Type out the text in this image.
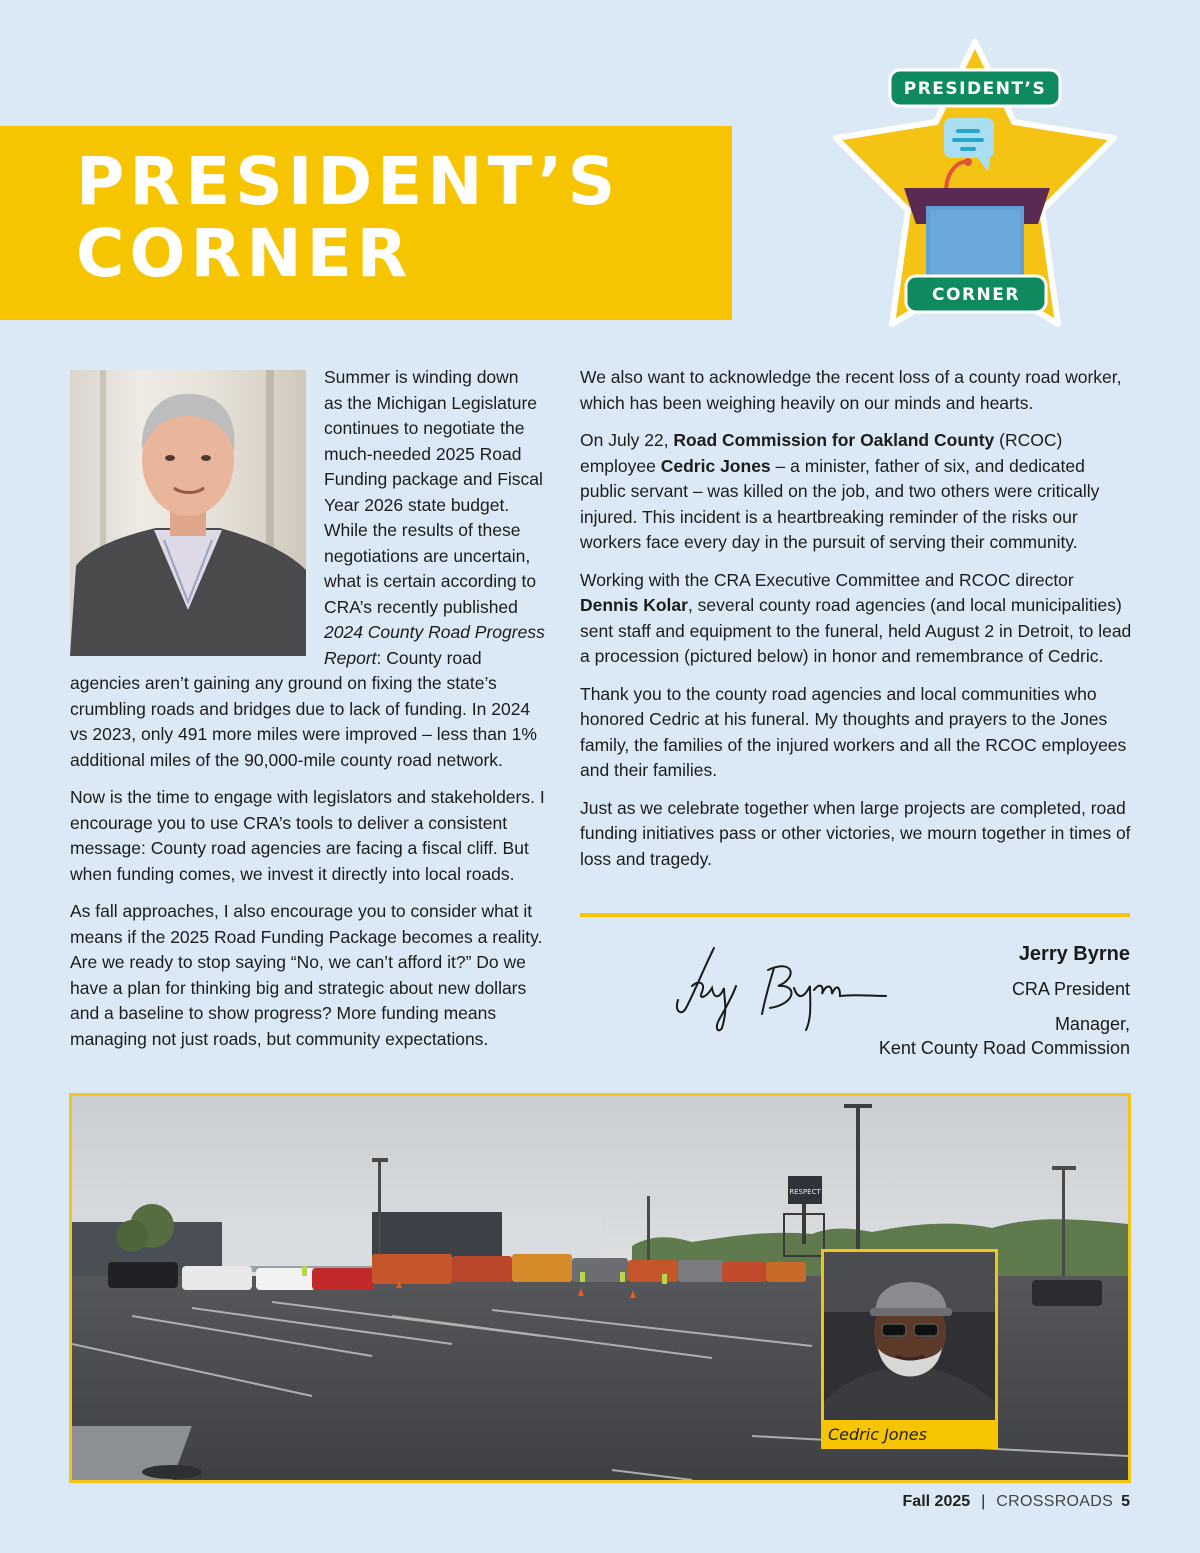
PRESIDENT’S
CORNER
PRESIDENT’S
CORNER
Summer is winding down
as the Michigan Legislature
continues to negotiate the
much-needed 2025 Road
Funding package and Fiscal
Year 2026 state budget.
While the results of these
negotiations are uncertain,
what is certain according to
CRA’s recently published
2024 County Road Progress
Report: County road

agencies aren’t gaining any ground on fixing the state’s crumbling roads and bridges due to lack of funding. In 2024 vs 2023, only 491 more miles were improved – less than 1% additional miles of the 90,000-mile county road network.

Now is the time to engage with legislators and stakeholders. I encourage you to use CRA’s tools to deliver a consistent message: County road agencies are facing a fiscal cliff. But when funding comes, we invest it directly into local roads.

As fall approaches, I also encourage you to consider what it means if the 2025 Road Funding Package becomes a reality. Are we ready to stop saying “No, we can’t afford it?” Do we have a plan for thinking big and strategic about new dollars and a baseline to show progress? More funding means managing not just roads, but community expectations.

We also want to acknowledge the recent loss of a county road worker, which has been weighing heavily on our minds and hearts.

On July 22, Road Commission for Oakland County (RCOC) employee Cedric Jones – a minister, father of six, and dedicated public servant – was killed on the job, and two others were critically injured. This incident is a heartbreaking reminder of the risks our workers face every day in the pursuit of serving their community.

Working with the CRA Executive Committee and RCOC director Dennis Kolar, several county road agencies (and local municipalities) sent staff and equipment to the funeral, held August 2 in Detroit, to lead a procession (pictured below) in honor and remembrance of Cedric.

Thank you to the county road agencies and local communities who honored Cedric at his funeral. My thoughts and prayers to the Jones family, the families of the injured workers and all the RCOC employees and their families.

Just as we celebrate together when large projects are completed, road funding initiatives pass or other victories, we mourn together in times of loss and tragedy.

Jerry Byrne
CRA President
Manager,
Kent County Road Commission
RESPECT
Cedric Jones
Fall 2025 | CROSSROADS 5
